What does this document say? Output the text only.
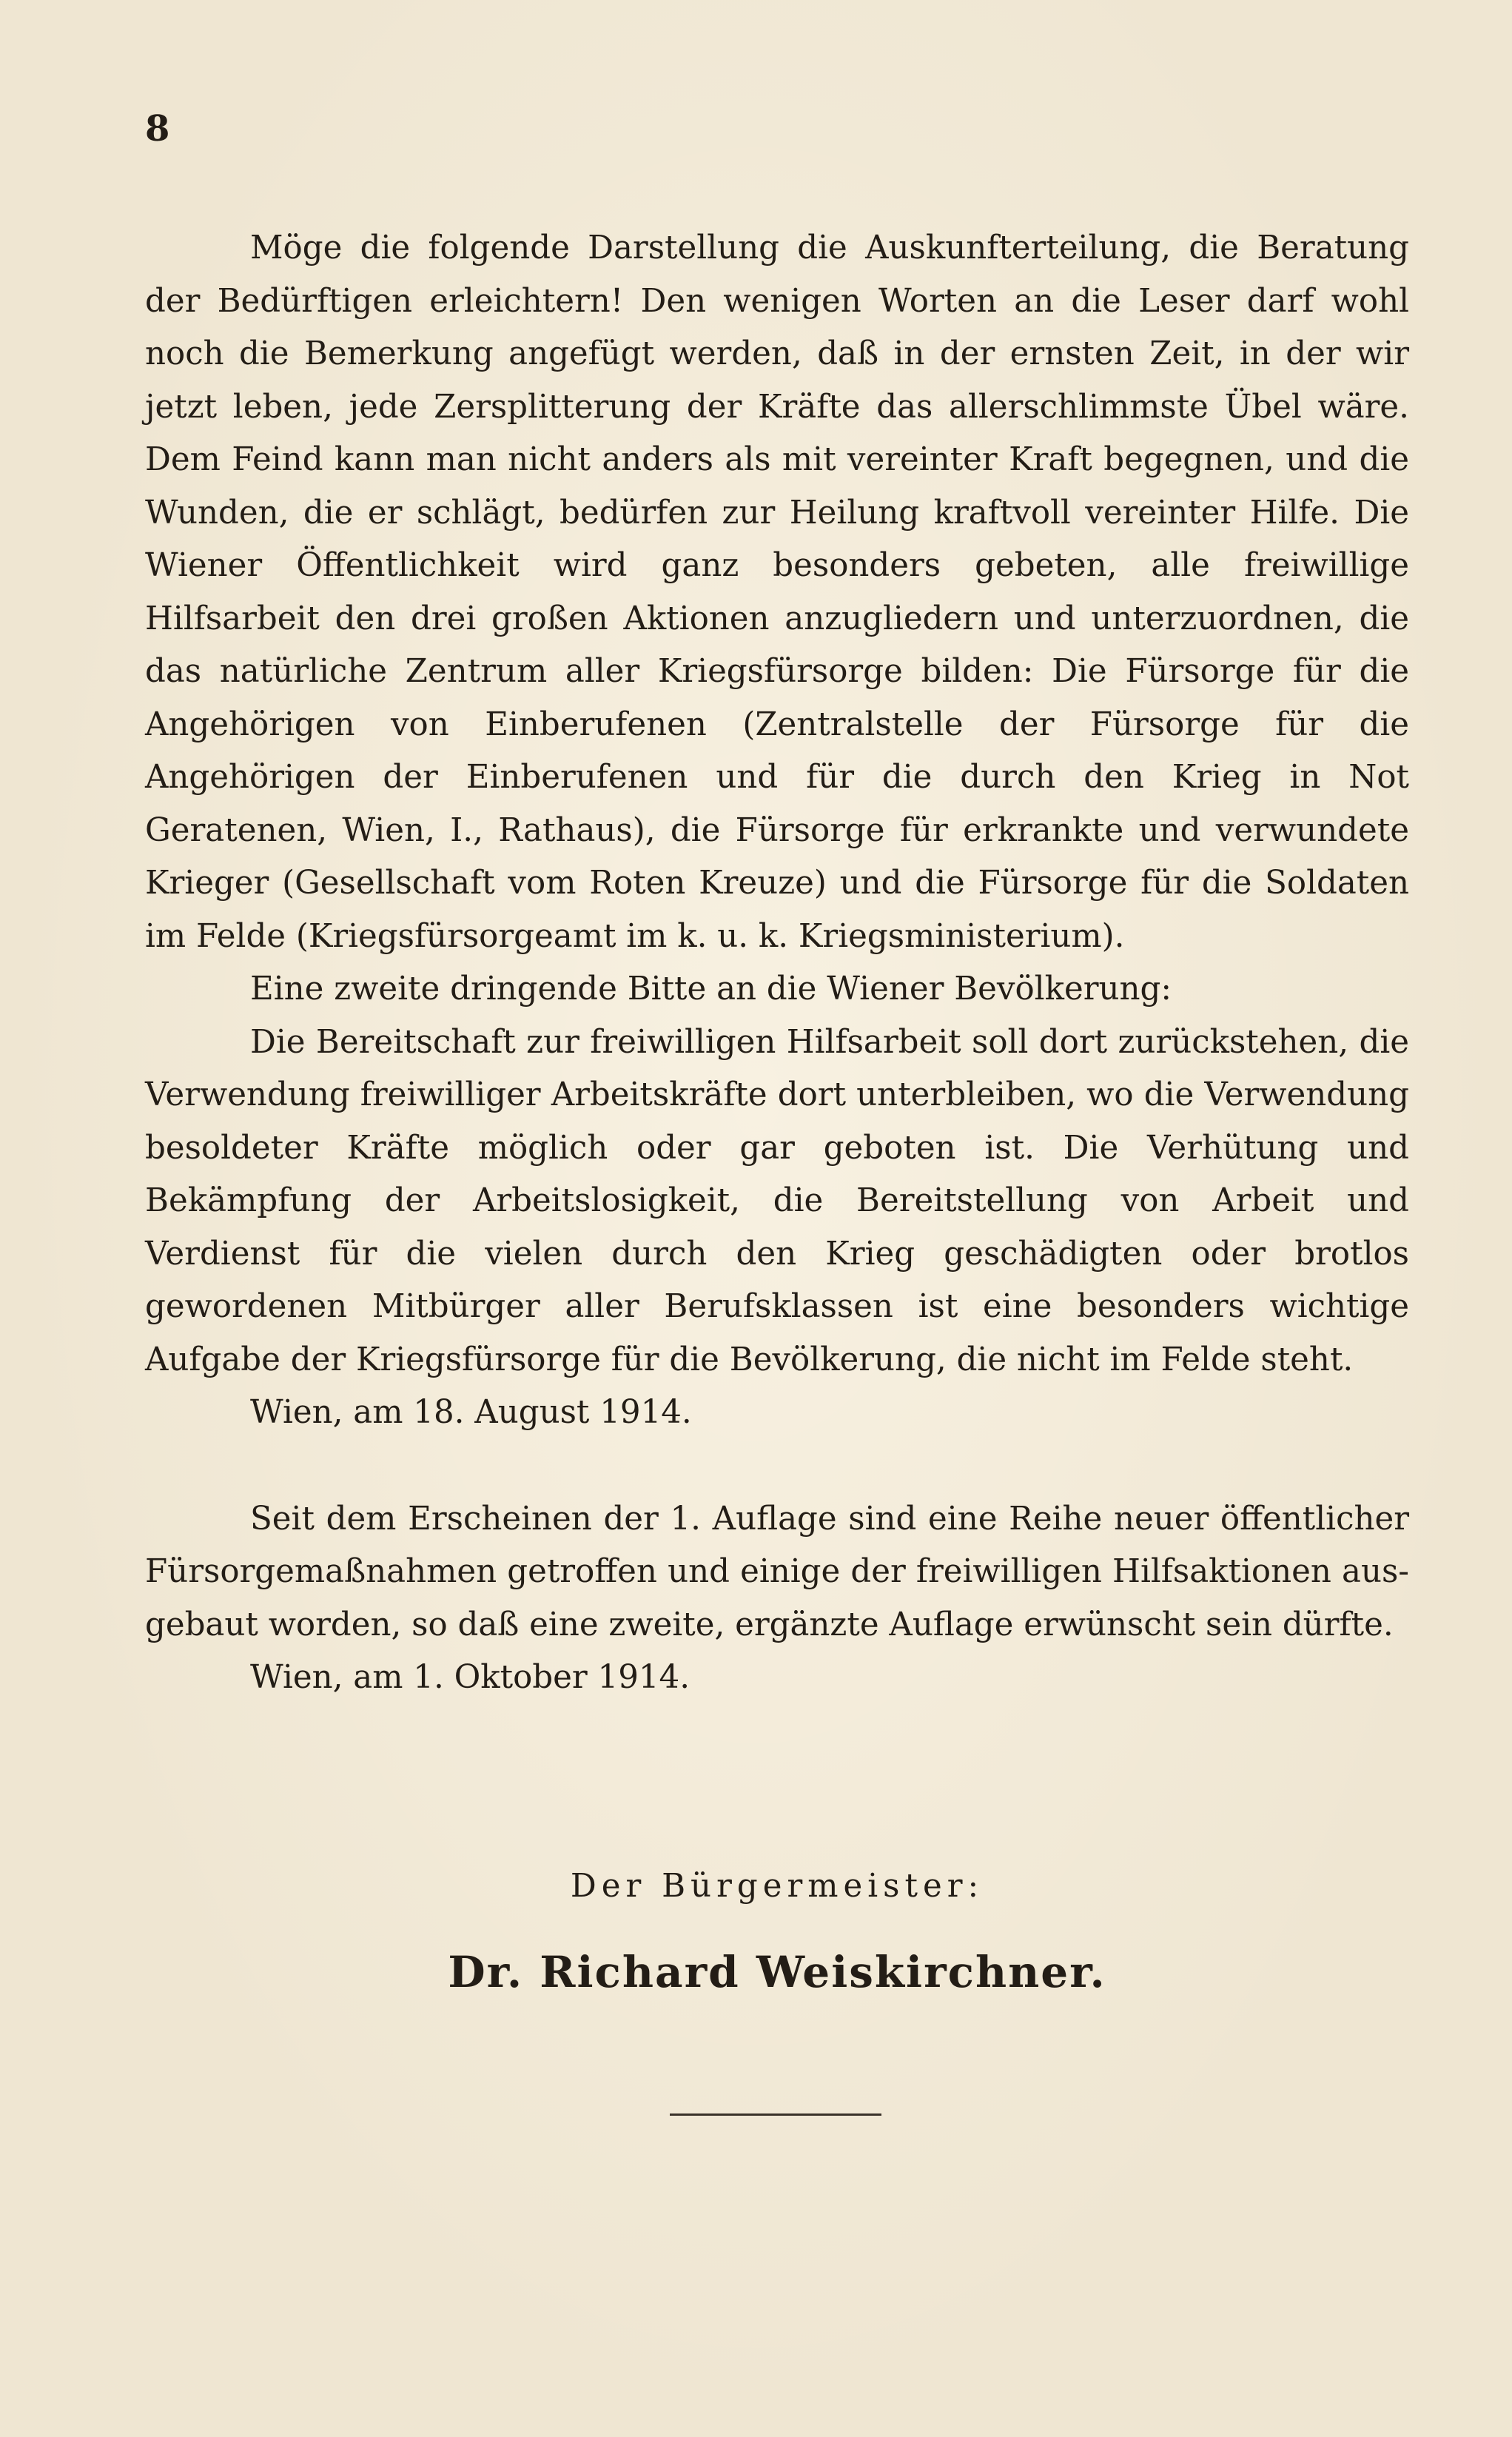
8

Möge die folgende Darstellung die Auskunfterteilung, die Beratung der Bedürftigen erleichtern! Den wenigen Worten an die Leser darf wohl noch die Bemerkung angefügt werden, daß in der ernsten Zeit, in der wir jetzt leben, jede Zersplitterung der Kräfte das allerschlimmste Übel wäre. Dem Feind kann man nicht anders als mit vereinter Kraft begegnen, und die Wunden, die er schlägt, bedürfen zur Heilung kraftvoll vereinter Hilfe. Die Wiener Öffentlichkeit wird ganz besonders gebeten, alle freiwillige Hilfsarbeit den drei großen Aktionen anzugliedern und unterzuordnen, die das natürliche Zentrum aller Kriegsfürsorge bilden: Die Fürsorge für die Angehörigen von Einberufenen (Zentralstelle der Fürsorge für die Angehörigen der Einberufenen und für die durch den Krieg in Not Geratenen, Wien, I., Rathaus), die Fürsorge für erkrankte und verwundete Krieger (Gesellschaft vom Roten Kreuze) und die Fürsorge für die Soldaten im Felde (Kriegsfürsorgeamt im k. u. k. Kriegsministerium).

Eine zweite dringende Bitte an die Wiener Bevölkerung:

Die Bereitschaft zur freiwilligen Hilfsarbeit soll dort zurückstehen, die Verwendung freiwilliger Arbeitskräfte dort unterbleiben, wo die Verwendung besoldeter Kräfte möglich oder gar geboten ist. Die Verhütung und Bekämpfung der Arbeitslosigkeit, die Bereitstellung von Arbeit und Verdienst für die vielen durch den Krieg geschädigten oder brotlos gewordenen Mitbürger aller Berufsklassen ist eine besonders wichtige Aufgabe der Kriegsfürsorge für die Bevölkerung, die nicht im Felde steht.

Wien, am 18. August 1914.

Seit dem Erscheinen der 1. Auflage sind eine Reihe neuer öffentlicher Fürsorgemaßnahmen getroffen und einige der freiwilligen Hilfsaktionen ausgebaut worden, so daß eine zweite, ergänzte Auflage erwünscht sein dürfte.

Wien, am 1. Oktober 1914.

Der Bürgermeister:
Dr. Richard Weiskirchner.
